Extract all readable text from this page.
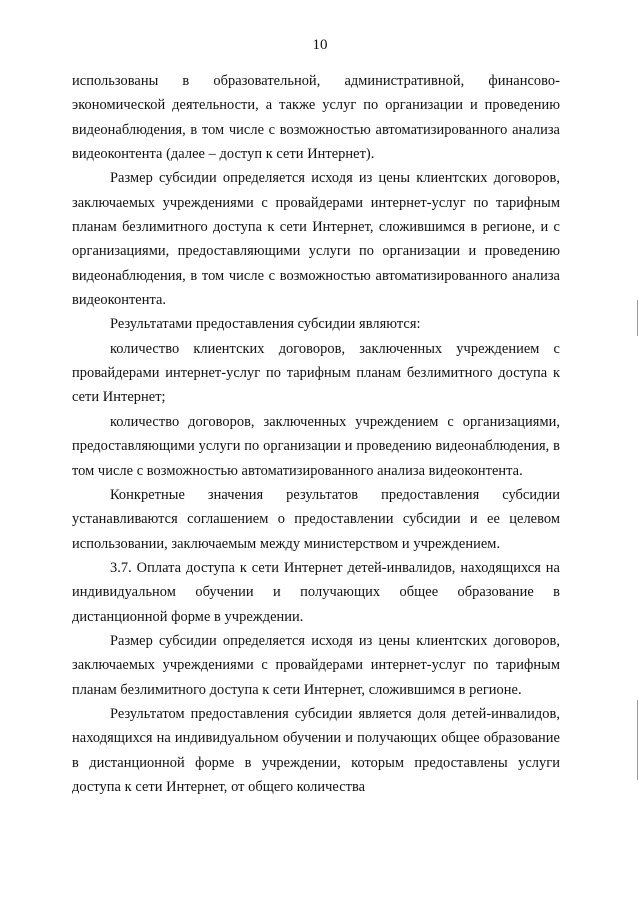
10

использованы в образовательной, административной, финансово-экономической деятельности, а также услуг по организации и проведению видеонаблюдения, в том числе с возможностью автоматизированного анализа видеоконтента (далее – доступ к сети Интернет).

Размер субсидии определяется исходя из цены клиентских договоров, заключаемых учреждениями с провайдерами интернет-услуг по тарифным планам безлимитного доступа к сети Интернет, сложившимся в регионе, и с организациями, предоставляющими услуги по организации и проведению видеонаблюдения, в том числе с возможностью автоматизированного анализа видеоконтента.

Результатами предоставления субсидии являются:

количество клиентских договоров, заключенных учреждением с провайдерами интернет-услуг по тарифным планам безлимитного доступа к сети Интернет;

количество договоров, заключенных учреждением с организациями, предоставляющими услуги по организации и проведению видеонаблюдения, в том числе с возможностью автоматизированного анализа видеоконтента.

Конкретные значения результатов предоставления субсидии устанавливаются соглашением о предоставлении субсидии и ее целевом использовании, заключаемым между министерством и учреждением.

3.7. Оплата доступа к сети Интернет детей-инвалидов, находящихся на индивидуальном обучении и получающих общее образование в дистанционной форме в учреждении.

Размер субсидии определяется исходя из цены клиентских договоров, заключаемых учреждениями с провайдерами интернет-услуг по тарифным планам безлимитного доступа к сети Интернет, сложившимся в регионе.

Результатом предоставления субсидии является доля детей-инвалидов, находящихся на индивидуальном обучении и получающих общее образование в дистанционной форме в учреждении, которым предоставлены услуги доступа к сети Интернет, от общего количества
